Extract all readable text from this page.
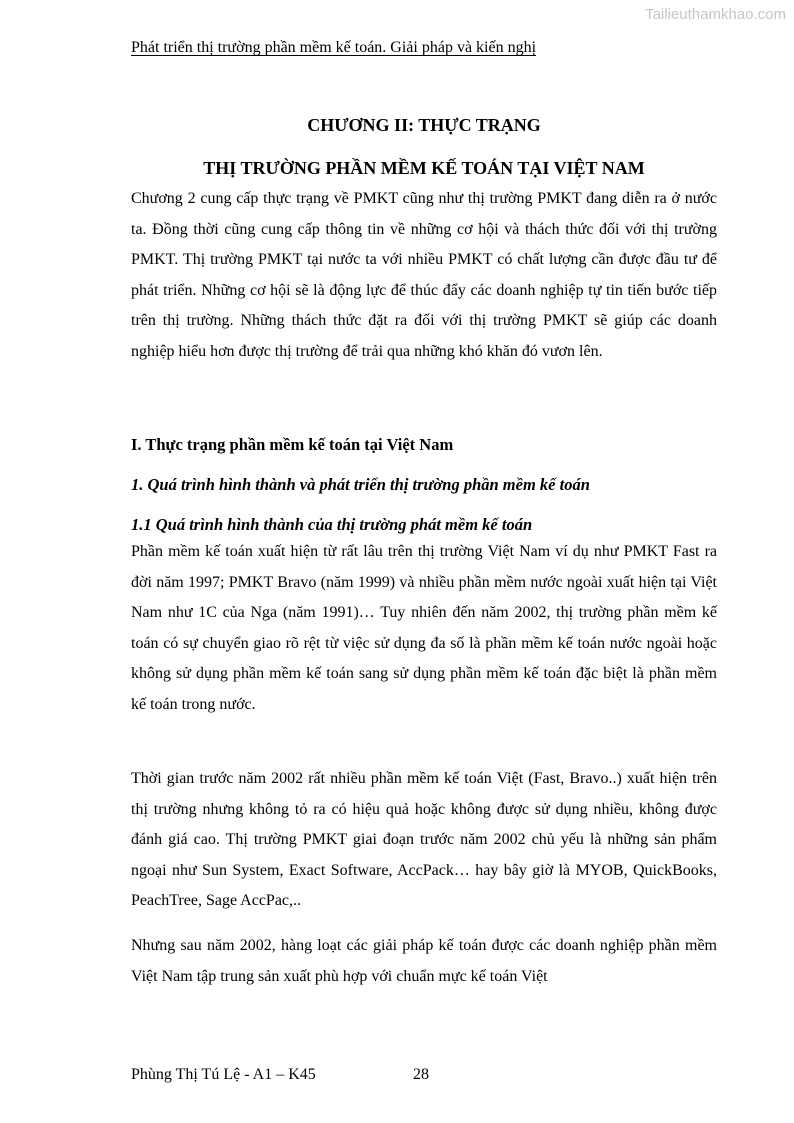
Tailieuthamkhao.com
Phát triển thị trường phần mềm kế toán. Giải pháp và kiến nghị
CHƯƠNG II: THỰC TRẠNG
THỊ TRƯỜNG PHẦN MỀM KẾ TOÁN TẠI VIỆT NAM

Chương 2 cung cấp thực trạng về PMKT cũng như thị trường PMKT đang diễn ra ở nước ta. Đồng thời cũng cung cấp thông tin về những cơ hội và thách thức đối với thị trường PMKT. Thị trường PMKT tại nước ta với nhiều PMKT có chất lượng cần được đầu tư để phát triển. Những cơ hội sẽ là động lực để thúc đẩy các doanh nghiệp tự tin tiến bước tiếp trên thị trường. Những thách thức đặt ra đối với thị trường PMKT sẽ giúp các doanh nghiệp hiểu hơn được thị trường để trải qua những khó khăn đó vươn lên.

I. Thực trạng phần mềm kế toán tại Việt Nam
1. Quá trình hình thành và phát triển thị trường phần mềm kế toán
1.1 Quá trình hình thành của thị trường phát mềm kế toán

Phần mềm kế toán xuất hiện từ rất lâu trên thị trường Việt Nam ví dụ như PMKT Fast ra đời năm 1997; PMKT Bravo (năm 1999) và nhiều phần mềm nước ngoài xuất hiện tại Việt Nam như 1C của Nga (năm 1991)… Tuy nhiên đến năm 2002, thị trường phần mềm kế toán có sự chuyển giao rõ rệt từ việc sử dụng đa số là phần mềm kế toán nước ngoài hoặc không sử dụng phần mềm kế toán sang sử dụng phần mềm kế toán đặc biệt là phần mềm kế toán trong nước.

Thời gian trước năm 2002 rất nhiều phần mềm kế toán Việt (Fast, Bravo..) xuất hiện trên thị trường nhưng không tỏ ra có hiệu quả hoặc không được sử dụng nhiều, không được đánh giá cao. Thị trường PMKT giai đoạn trước năm 2002 chủ yếu là những sản phẩm ngoại như Sun System, Exact Software, AccPack… hay bây giờ là MYOB, QuickBooks, PeachTree, Sage AccPac,..

Nhưng sau năm 2002, hàng loạt các giải pháp kế toán được các doanh nghiệp phần mềm Việt Nam tập trung sản xuất phù hợp với chuẩn mực kế toán Việt

Phùng Thị Tú Lệ - A1 – K45	28
